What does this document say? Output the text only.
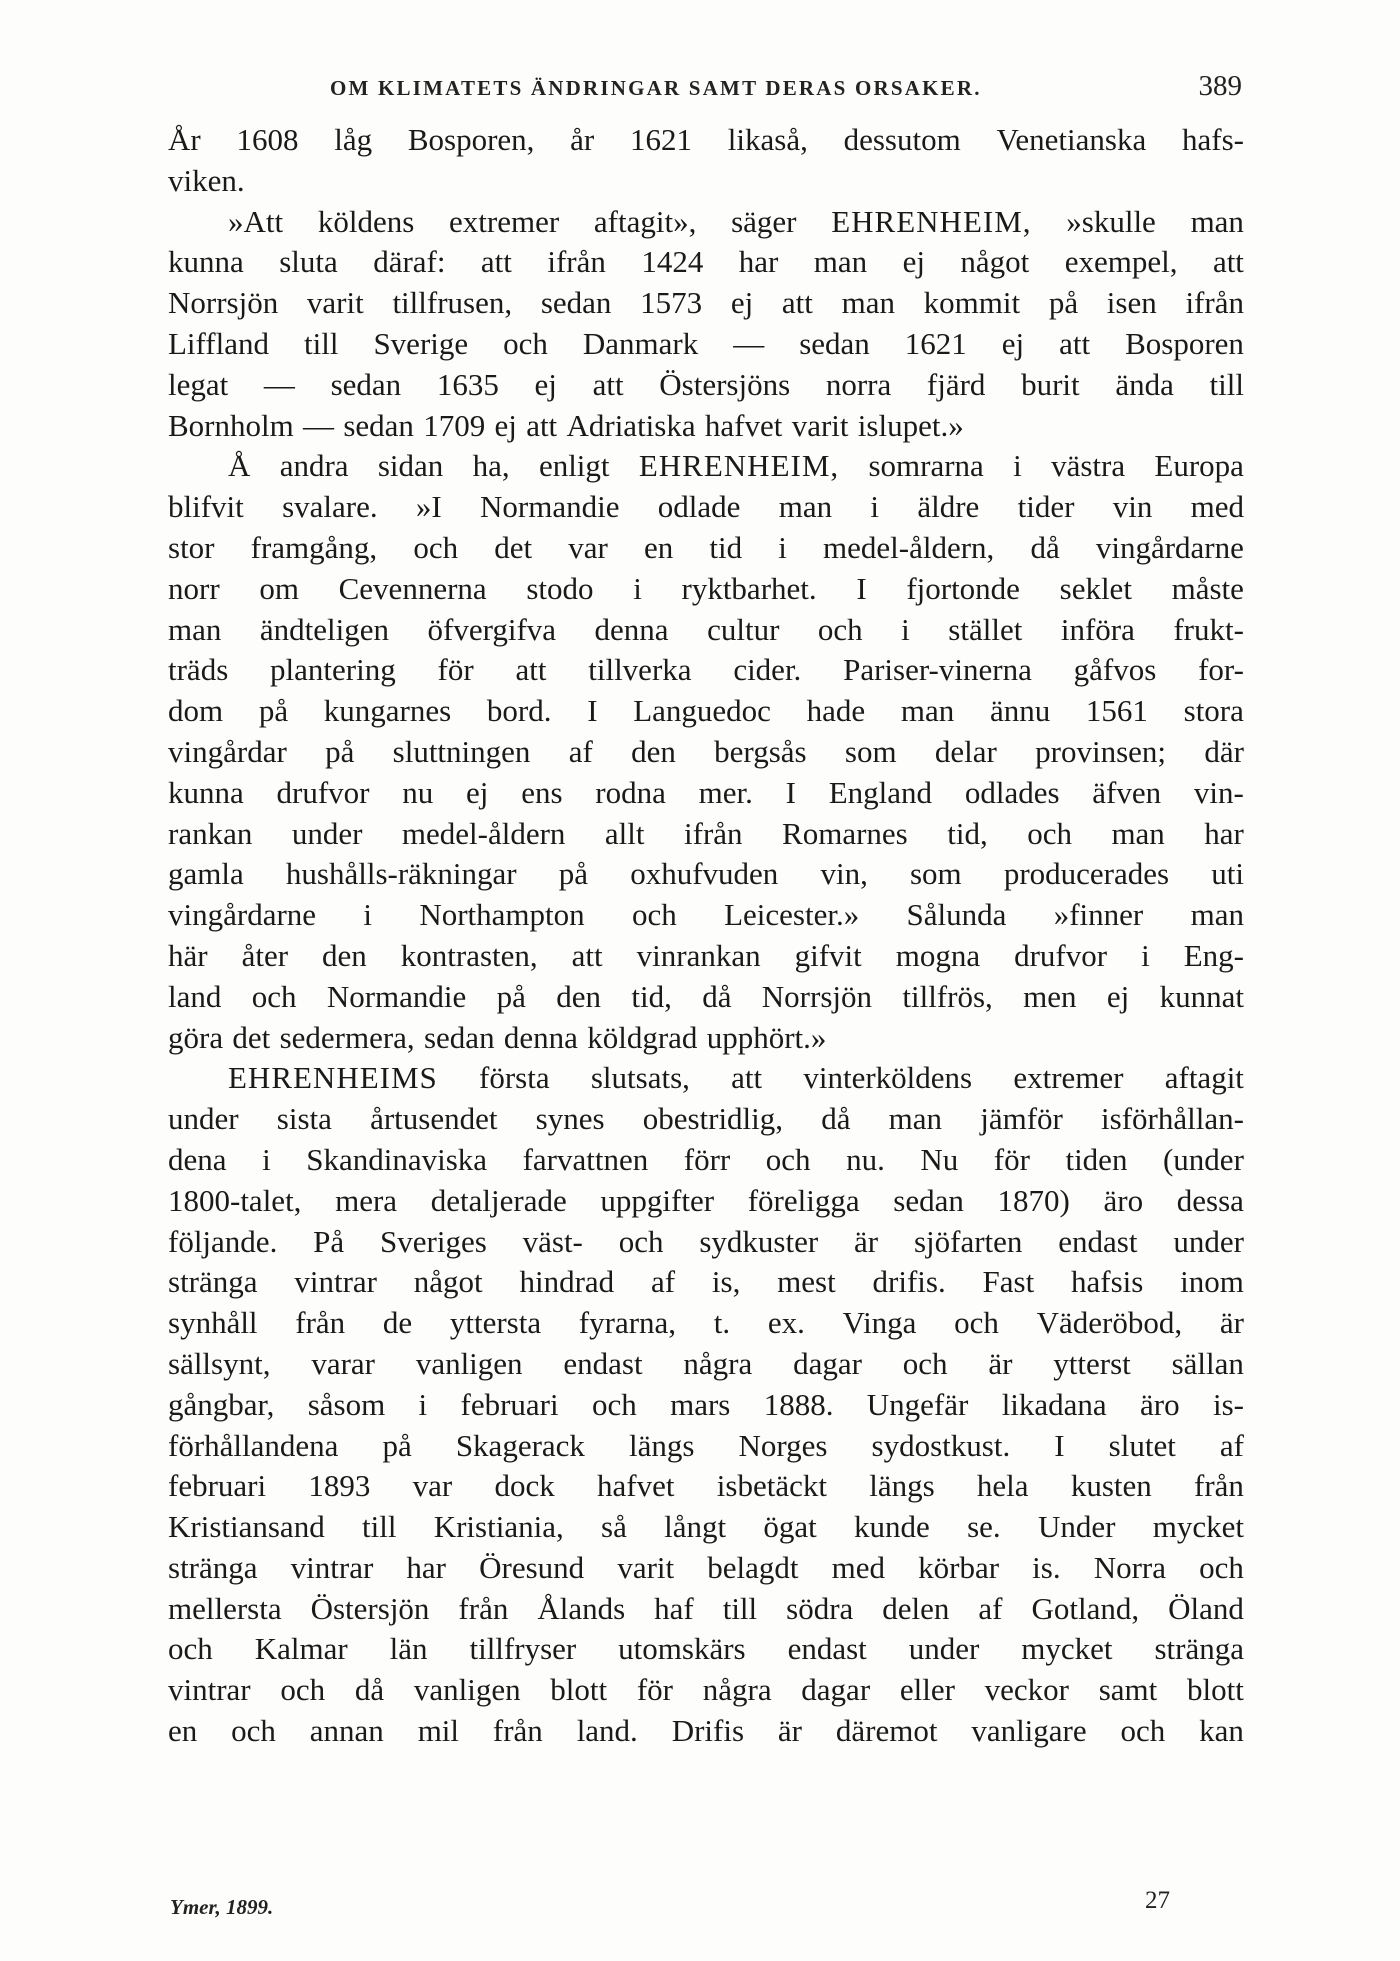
OM KLIMATETS ÄNDRINGAR SAMT DERAS ORSAKER.	389
År 1608 låg Bosporen, år 1621 likaså, dessutom Venetianska hafs-
viken.
»Att köldens extremer aftagit», säger EHRENHEIM, »skulle man
kunna sluta däraf: att ifrån 1424 har man ej något exempel, att
Norrsjön varit tillfrusen, sedan 1573 ej att man kommit på isen ifrån
Liffland till Sverige och Danmark — sedan 1621 ej att Bosporen
legat — sedan 1635 ej att Östersjöns norra fjärd burit ända till
Bornholm — sedan 1709 ej att Adriatiska hafvet varit islupet.»
Å andra sidan ha, enligt EHRENHEIM, somrarna i västra Europa
blifvit svalare. »I Normandie odlade man i äldre tider vin med
stor framgång, och det var en tid i medel-åldern, då vingårdarne
norr om Cevennerna stodo i ryktbarhet. I fjortonde seklet måste
man ändteligen öfvergifva denna cultur och i stället införa frukt-
träds plantering för att tillverka cider. Pariser-vinerna gåfvos for-
dom på kungarnes bord. I Languedoc hade man ännu 1561 stora
vingårdar på sluttningen af den bergsås som delar provinsen; där
kunna drufvor nu ej ens rodna mer. I England odlades äfven vin-
rankan under medel-åldern allt ifrån Romarnes tid, och man har
gamla hushålls-räkningar på oxhufvuden vin, som producerades uti
vingårdarne i Northampton och Leicester.» Sålunda »finner man
här åter den kontrasten, att vinrankan gifvit mogna drufvor i Eng-
land och Normandie på den tid, då Norrsjön tillfrös, men ej kunnat
göra det sedermera, sedan denna köldgrad upphört.»
EHRENHEIMS första slutsats, att vinterköldens extremer aftagit
under sista årtusendet synes obestridlig, då man jämför isförhållan-
dena i Skandinaviska farvattnen förr och nu. Nu för tiden (under
1800-talet, mera detaljerade uppgifter föreligga sedan 1870) äro dessa
följande. På Sveriges väst- och sydkuster är sjöfarten endast under
stränga vintrar något hindrad af is, mest drifis. Fast hafsis inom
synhåll från de yttersta fyrarna, t. ex. Vinga och Väderöbod, är
sällsynt, varar vanligen endast några dagar och är ytterst sällan
gångbar, såsom i februari och mars 1888. Ungefär likadana äro is-
förhållandena på Skagerack längs Norges sydostkust. I slutet af
februari 1893 var dock hafvet isbetäckt längs hela kusten från
Kristiansand till Kristiania, så långt ögat kunde se. Under mycket
stränga vintrar har Öresund varit belagdt med körbar is. Norra och
mellersta Östersjön från Ålands haf till södra delen af Gotland, Öland
och Kalmar län tillfryser utomskärs endast under mycket stränga
vintrar och då vanligen blott för några dagar eller veckor samt blott
en och annan mil från land. Drifis är däremot vanligare och kan
Ymer, 1899.	27
